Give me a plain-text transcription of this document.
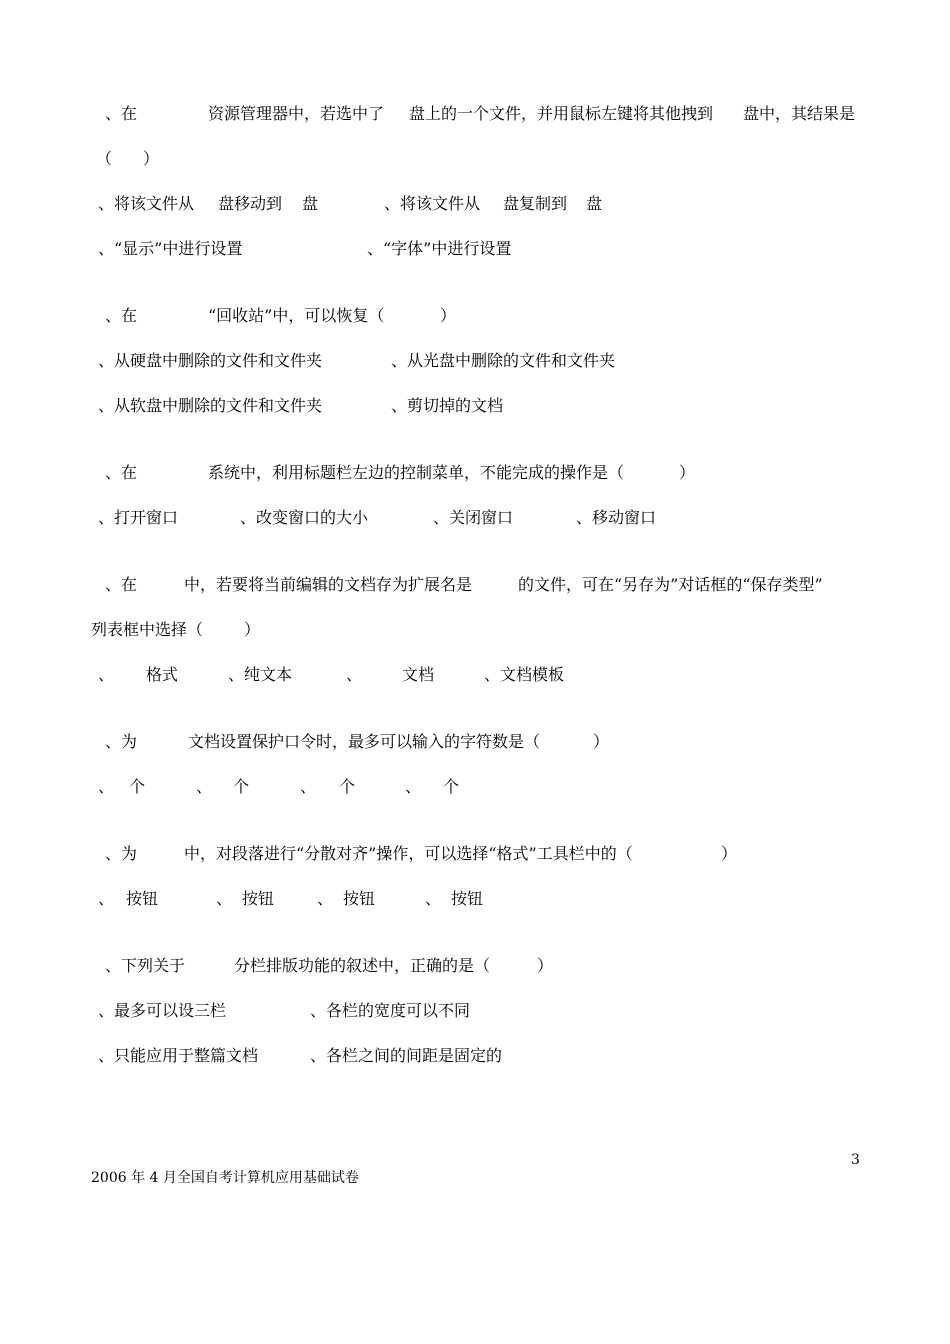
、在	资源管理器中，若选中了 盘上的一个文件，并用鼠标左键将其他拽到 盘中，其结果是
（ ）
、将该文件从 盘移动到 盘	、将该文件从 盘复制到 盘
、“显示”中进行设置	、“字体”中进行设置
、在	“回收站”中，可以恢复（	）
、从硬盘中删除的文件和文件夹	、从光盘中删除的文件和文件夹
、从软盘中删除的文件和文件夹	、剪切掉的文档
、在	系统中，利用标题栏左边的控制菜单，不能完成的操作是（	）
、打开窗口	、改变窗口的大小	、关闭窗口	、移动窗口
、在	中，若要将当前编辑的文档存为扩展名是	的文件，可在“另存为”对话框的“保存类型”
列表框中选择（	）
、 格式	、纯文本	、 文档	、文档模板
、为	文档设置保护口令时，最多可以输入的字符数是（	）
、 个	、 个	、 个	、 个
、为	中，对段落进行“分散对齐”操作，可以选择“格式”工具栏中的（	）
、 按钮	、 按钮	、 按钮	、 按钮
、下列关于	分栏排版功能的叙述中，正确的是（	）
、最多可以设三栏	、各栏的宽度可以不同
、只能应用于整篇文档	、各栏之间的间距是固定的
3
2006 年 4 月全国自考计算机应用基础试卷
